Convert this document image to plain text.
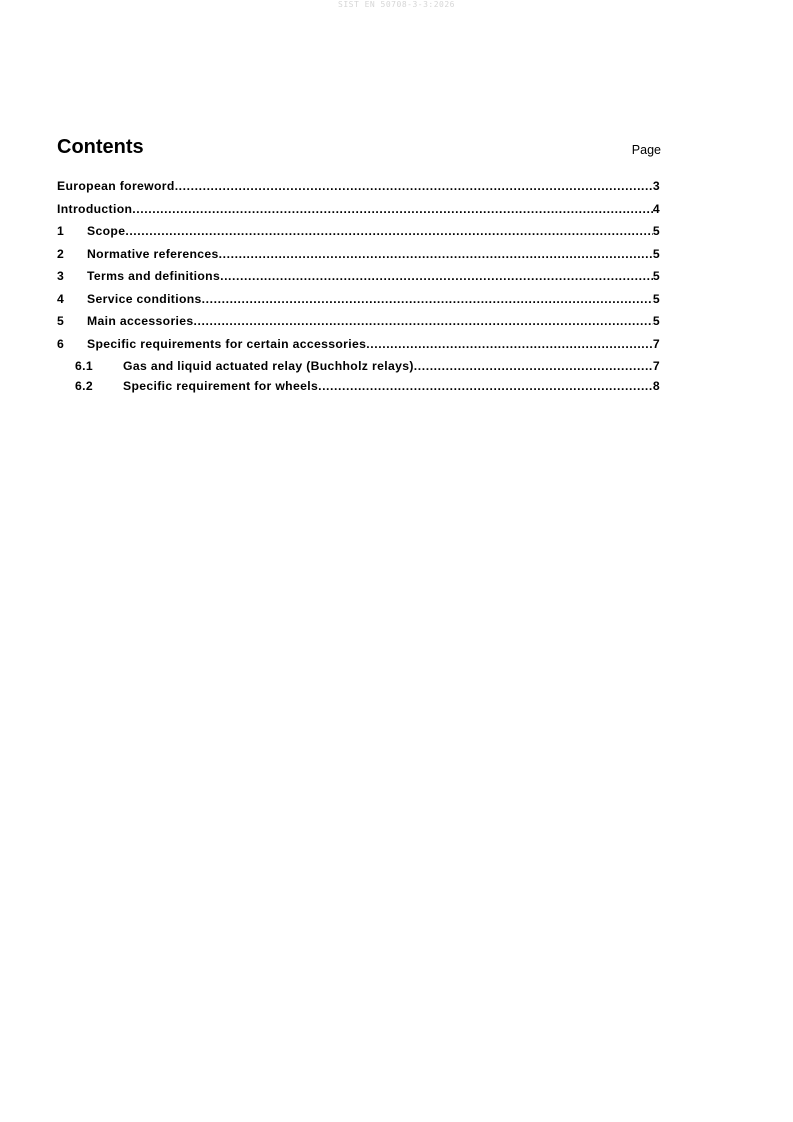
SIST EN 50708-3-3:2026
Contents	Page
European foreword .....	3
Introduction .....	4
1	Scope .....	5
2	Normative references .....	5
3	Terms and definitions .....	5
4	Service conditions .....	5
5	Main accessories .....	5
6	Specific requirements for certain accessories .....	7
6.1	Gas and liquid actuated relay (Buchholz relays) .....	7
6.2	Specific requirement for wheels .....	8
